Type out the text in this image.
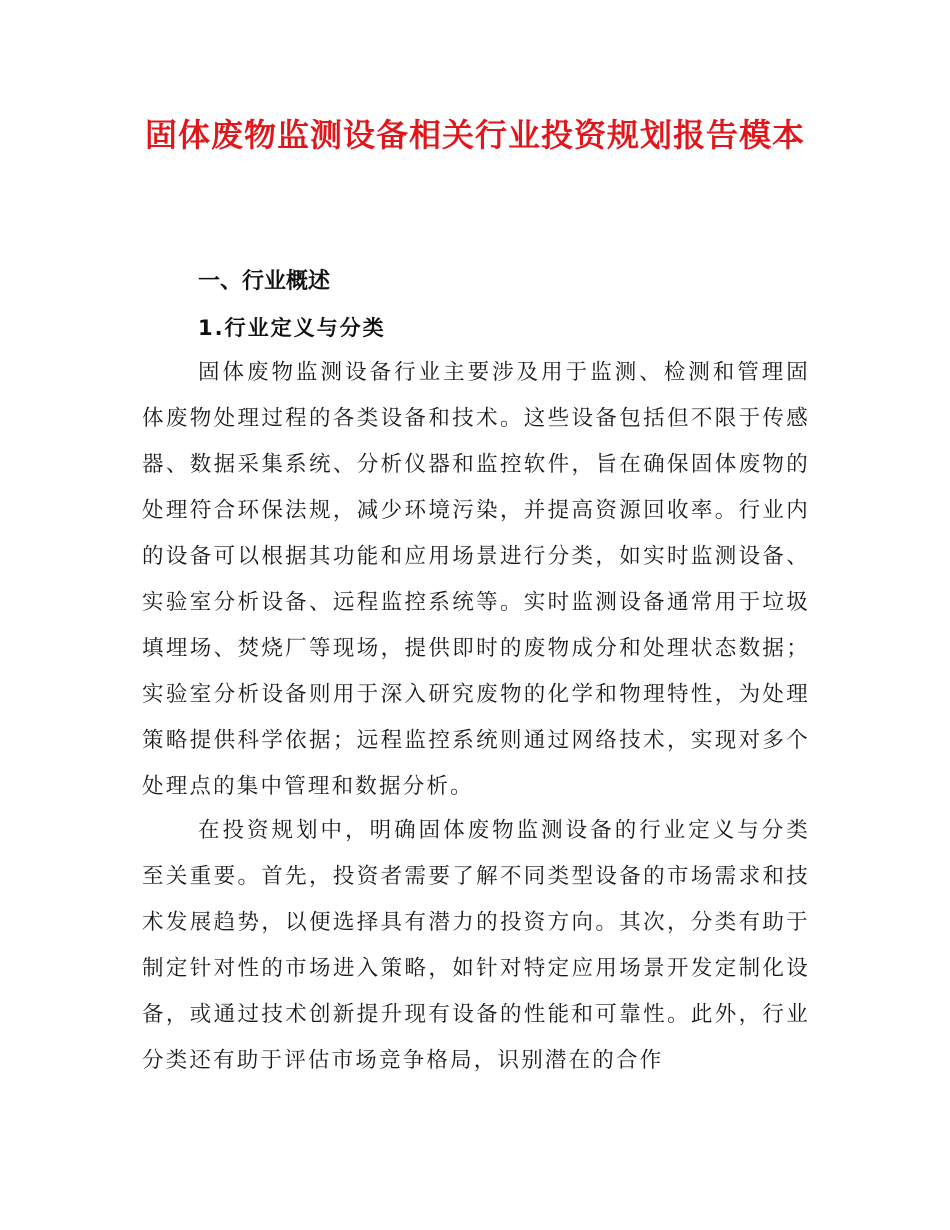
固体废物监测设备相关行业投资规划报告模本
一、行业概述
1.行业定义与分类

固体废物监测设备行业主要涉及用于监测、检测和管理固体废物处理过程的各类设备和技术。这些设备包括但不限于传感器、数据采集系统、分析仪器和监控软件，旨在确保固体废物的处理符合环保法规，减少环境污染，并提高资源回收率。行业内的设备可以根据其功能和应用场景进行分类，如实时监测设备、实验室分析设备、远程监控系统等。实时监测设备通常用于垃圾填埋场、焚烧厂等现场，提供即时的废物成分和处理状态数据；实验室分析设备则用于深入研究废物的化学和物理特性，为处理策略提供科学依据；远程监控系统则通过网络技术，实现对多个处理点的集中管理和数据分析。

在投资规划中，明确固体废物监测设备的行业定义与分类至关重要。首先，投资者需要了解不同类型设备的市场需求和技术发展趋势，以便选择具有潜力的投资方向。其次，分类有助于制定针对性的市场进入策略，如针对特定应用场景开发定制化设备，或通过技术创新提升现有设备的性能和可靠性。此外，行业分类还有助于评估市场竞争格局，识别潜在的合作
